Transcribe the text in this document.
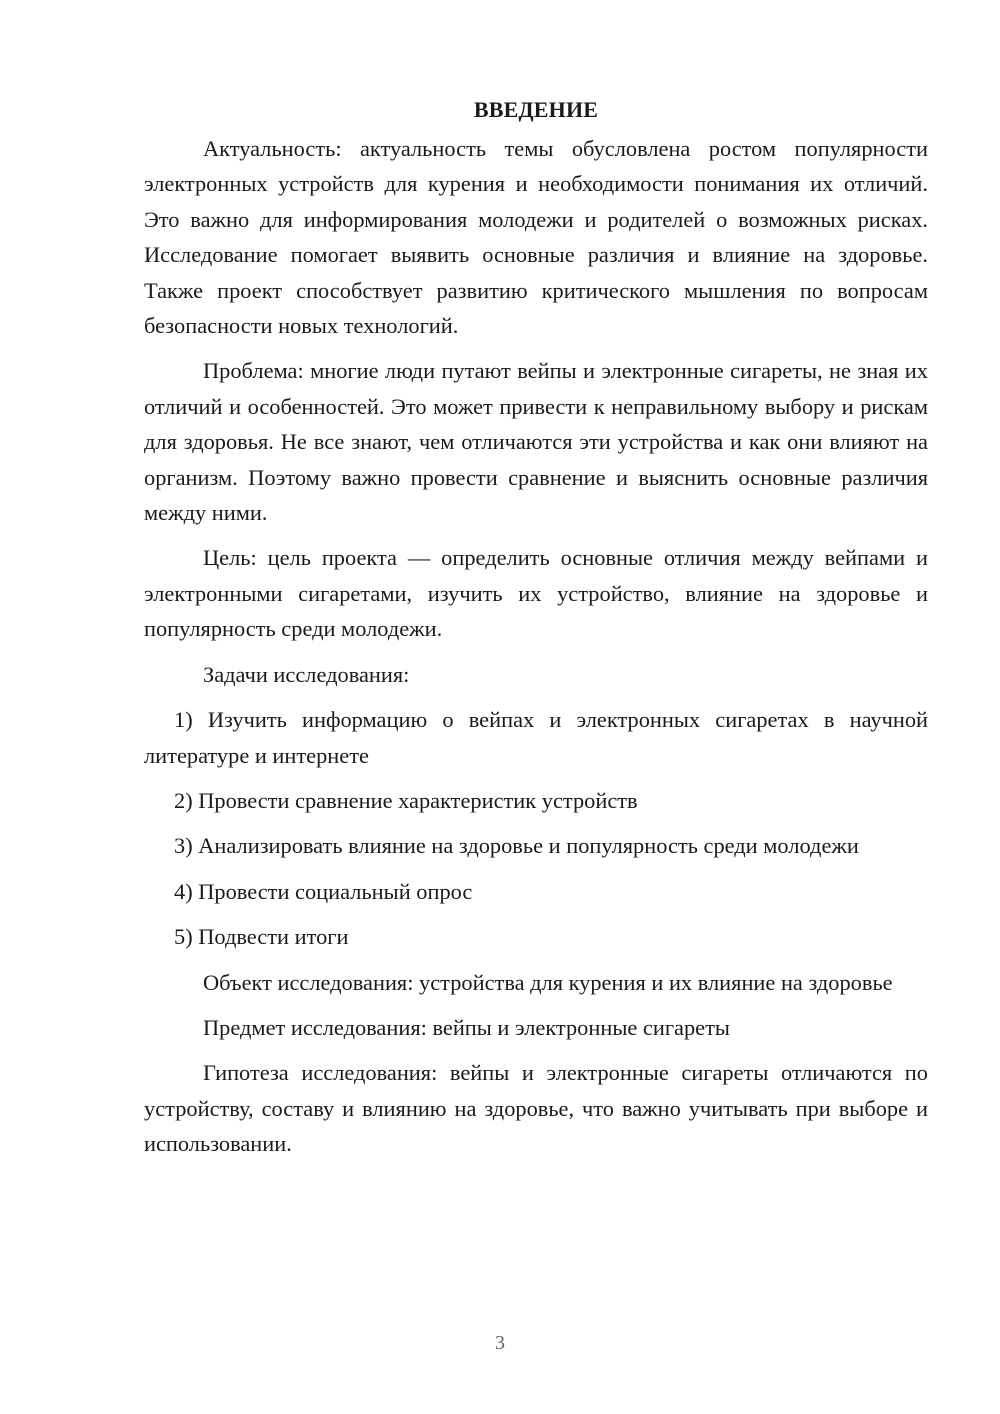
ВВЕДЕНИЕ

Актуальность: актуальность темы обусловлена ростом популярности электронных устройств для курения и необходимости понимания их отличий. Это важно для информирования молодежи и родителей о возможных рисках. Исследование помогает выявить основные различия и влияние на здоровье. Также проект способствует развитию критического мышления по вопросам безопасности новых технологий.

Проблема: многие люди путают вейпы и электронные сигареты, не зная их отличий и особенностей. Это может привести к неправильному выбору и рискам для здоровья. Не все знают, чем отличаются эти устройства и как они влияют на организм. Поэтому важно провести сравнение и выяснить основные различия между ними.

Цель: цель проекта — определить основные отличия между вейпами и электронными сигаретами, изучить их устройство, влияние на здоровье и популярность среди молодежи.

Задачи исследования:

1) Изучить информацию о вейпах и электронных сигаретах в научной литературе и интернете

2) Провести сравнение характеристик устройств

3) Анализировать влияние на здоровье и популярность среди молодежи

4) Провести социальный опрос

5) Подвести итоги

Объект исследования: устройства для курения и их влияние на здоровье

Предмет исследования: вейпы и электронные сигареты

Гипотеза исследования: вейпы и электронные сигареты отличаются по устройству, составу и влиянию на здоровье, что важно учитывать при выборе и использовании.

3
